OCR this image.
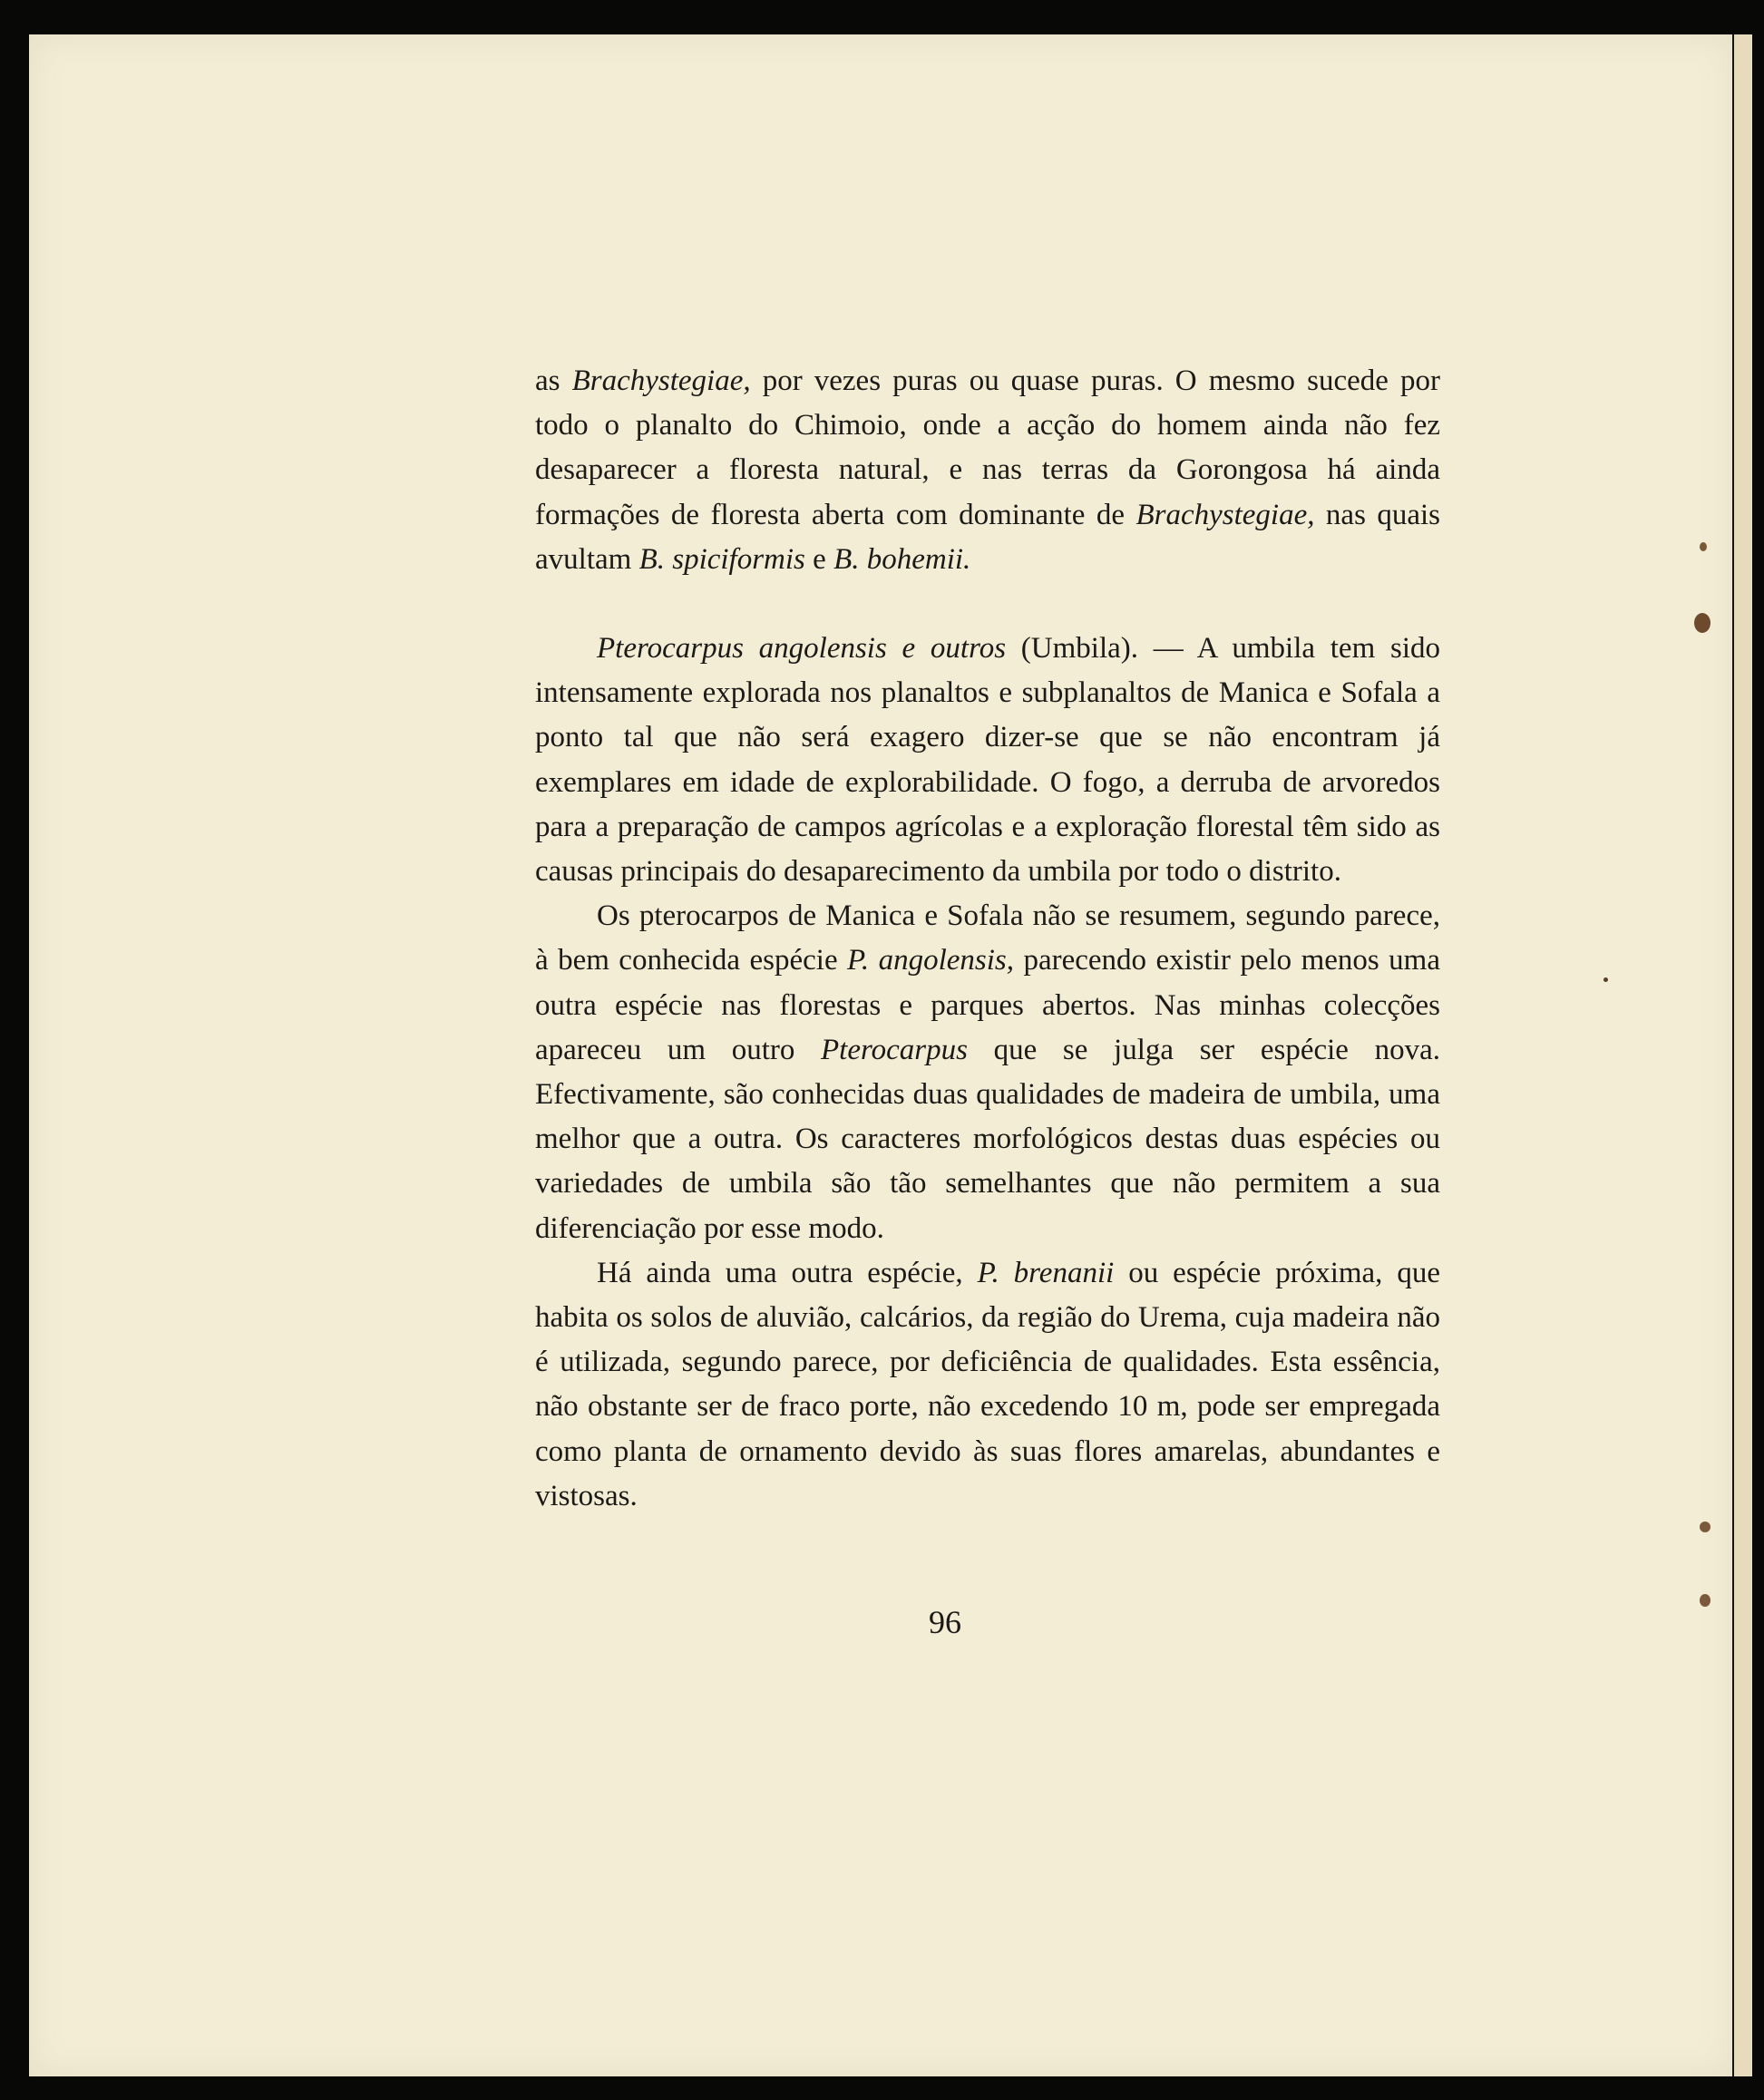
as Brachystegiae, por vezes puras ou quase puras. O mesmo sucede por todo o planalto do Chimoio, onde a acção do homem ainda não fez desaparecer a floresta natural, e nas terras da Gorongosa há ainda formações de floresta aberta com dominante de Brachystegiae, nas quais avultam B. spiciformis e B. bohemii.

Pterocarpus angolensis e outros (Umbila). — A umbila tem sido intensamente explorada nos planaltos e subplanaltos de Manica e Sofala a ponto tal que não será exagero dizer-se que se não encontram já exemplares em idade de explorabilidade. O fogo, a derruba de arvoredos para a preparação de campos agrícolas e a exploração florestal têm sido as causas principais do desaparecimento da umbila por todo o distrito.

Os pterocarpos de Manica e Sofala não se resumem, segundo parece, à bem conhecida espécie P. angolensis, parecendo existir pelo menos uma outra espécie nas florestas e parques abertos. Nas minhas colecções apareceu um outro Pterocarpus que se julga ser espécie nova. Efectivamente, são conhecidas duas qualidades de madeira de umbila, uma melhor que a outra. Os caracteres morfológicos destas duas espécies ou variedades de umbila são tão semelhantes que não permitem a sua diferenciação por esse modo.

Há ainda uma outra espécie, P. brenanii ou espécie próxima, que habita os solos de aluvião, calcários, da região do Urema, cuja madeira não é utilizada, segundo parece, por deficiência de qualidades. Esta essência, não obstante ser de fraco porte, não excedendo 10 m, pode ser empregada como planta de ornamento devido às suas flores amarelas, abundantes e vistosas.

96
